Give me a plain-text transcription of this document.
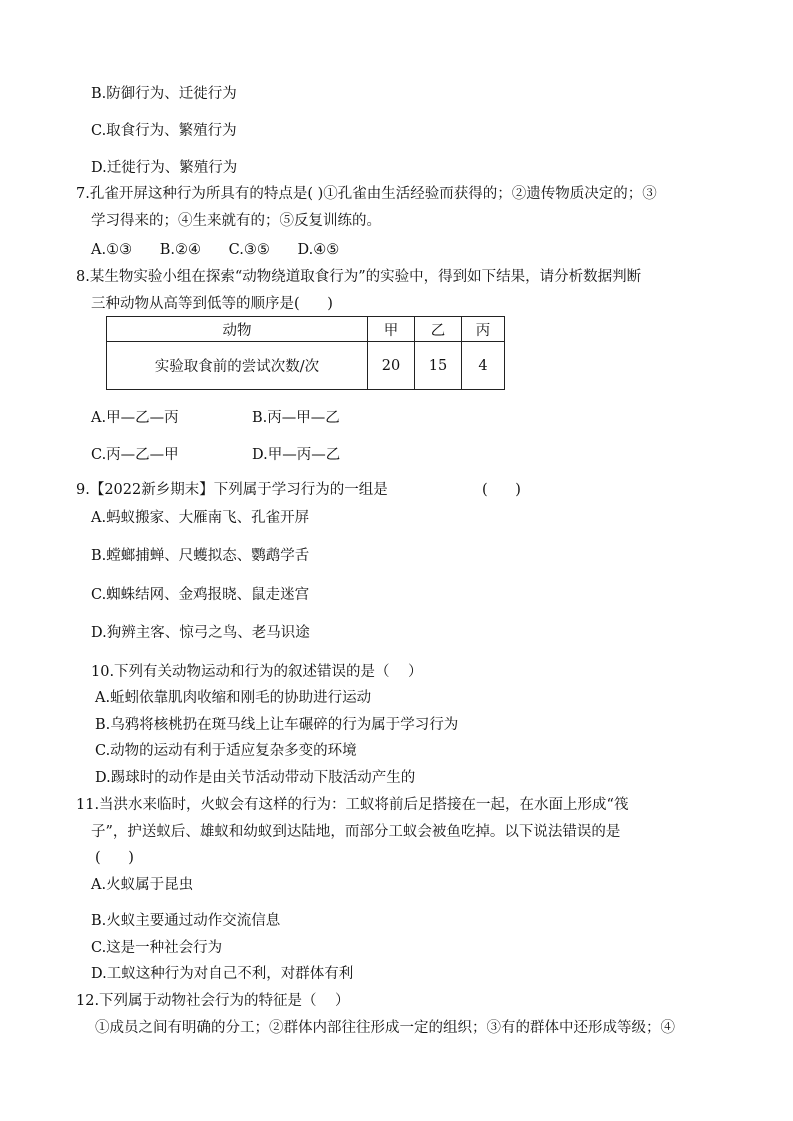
B.防御行为、迁徙行为
C.取食行为、繁殖行为
D.迁徙行为、繁殖行为
7.孔雀开屏这种行为所具有的特点是( )①孔雀由生活经验而获得的；②遗传物质决定的；③
学习得来的；④生来就有的；⑤反复训练的。
A.①③      B.②④      C.③⑤      D.④⑤
8.某生物实验小组在探索“动物绕道取食行为”的实验中，得到如下结果，请分析数据判断
三种动物从高等到低等的顺序是(      )
动物	甲	乙	丙
实验取食前的尝试次数/次	20	15	4
A.甲—乙—丙	B.丙—甲—乙
C.丙—乙—甲	D.甲—丙—乙
9.【2022新乡期末】下列属于学习行为的一组是	(      )
A.蚂蚁搬家、大雁南飞、孔雀开屏
B.螳螂捕蝉、尺蠖拟态、鹦鹉学舌
C.蜘蛛结网、金鸡报晓、鼠走迷宫
D.狗辨主客、惊弓之鸟、老马识途
10.下列有关动物运动和行为的叙述错误的是（    ）
A.蚯蚓依靠肌肉收缩和刚毛的协助进行运动
B.乌鸦将核桃扔在斑马线上让车碾碎的行为属于学习行为
C.动物的运动有利于适应复杂多变的环境
D.踢球时的动作是由关节活动带动下肢活动产生的
11.当洪水来临时，火蚁会有这样的行为：工蚁将前后足搭接在一起，在水面上形成“筏
子”，护送蚁后、雄蚁和幼蚁到达陆地，而部分工蚁会被鱼吃掉。以下说法错误的是
(      )
A.火蚁属于昆虫
B.火蚁主要通过动作交流信息
C.这是一种社会行为
D.工蚁这种行为对自己不利，对群体有利
12.下列属于动物社会行为的特征是（    ）
①成员之间有明确的分工；②群体内部往往形成一定的组织；③有的群体中还形成等级；④
